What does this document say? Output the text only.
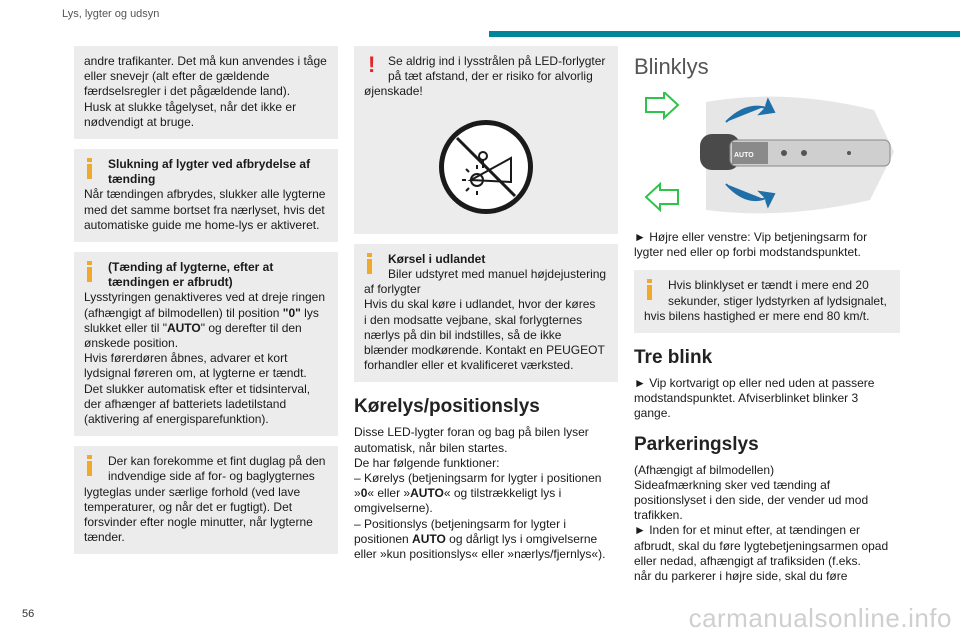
Lys, lygter og udsyn

andre trafikanter. Det må kun anvendes i tåge

eller snevejr (alt efter de gældende

færdselsregler i det pågældende land).

Husk at slukke tågelyset, når det ikke er

nødvendigt at bruge.

Slukning af lygter ved afbrydelse af

tænding

Når tændingen afbrydes, slukker alle lygterne

med det samme bortset fra nærlyset, hvis det

automatiske guide me home-lys er aktiveret.

(Tænding af lygterne, efter at

tændingen er afbrudt)

Lysstyringen genaktiveres ved at dreje ringen

(afhængigt af bilmodellen) til position "0" lys

slukket eller til "AUTO" og derefter til den

ønskede position.

Hvis førerdøren åbnes, advarer et kort

lydsignal føreren om, at lygterne er tændt.

Det slukker automatisk efter et tidsinterval,

der afhænger af batteriets ladetilstand

(aktivering af energisparefunktion).

Der kan forekomme et fint duglag på den

indvendige side af for- og baglygternes

lygteglas under særlige forhold (ved lave

temperaturer, og når det er fugtigt). Det

forsvinder efter nogle minutter, når lygterne

tænder.

!	Se aldrig ind i lysstrålen på LED-forlygter

på tæt afstand, der er risiko for alvorlig

øjenskade!

Kørsel i udlandet

Biler udstyret med manuel højdejustering

af forlygter

Hvis du skal køre i udlandet, hvor der køres

i den modsatte vejbane, skal forlygternes

nærlys på din bil indstilles, så de ikke

blænder modkørende. Kontakt en PEUGEOT

forhandler eller et kvalificeret værksted.

Kørelys/positionslys

Disse LED-lygter foran og bag på bilen lyser

automatisk, når bilen startes.

De har følgende funktioner:

– Kørelys (betjeningsarm for lygter i positionen

»0« eller »AUTO« og tilstrækkeligt lys i

omgivelserne).

– Positionslys (betjeningsarm for lygter i

positionen AUTO og dårligt lys i omgivelserne

eller »kun positionslys« eller »nærlys/fjernlys«).

Blinklys
AUTO

► Højre eller venstre: Vip betjeningsarm for

lygter ned eller op forbi modstandspunktet.

Hvis blinklyset er tændt i mere end 20

sekunder, stiger lydstyrken af lydsignalet,

hvis bilens hastighed er mere end 80 km/t.

Tre blink

► Vip kortvarigt op eller ned uden at passere

modstandspunktet. Afviserblinket blinker 3

gange.

Parkeringslys

(Afhængigt af bilmodellen)

Sideafmærkning sker ved tænding af

positionslyset i den side, der vender ud mod

trafikken.

► Inden for et minut efter, at tændingen er

afbrudt, skal du føre lygtebetjeningsarmen opad

eller nedad, afhængigt af trafiksiden (f.eks.

når du parkerer i højre side, skal du føre

56	carmanualsonline.info
